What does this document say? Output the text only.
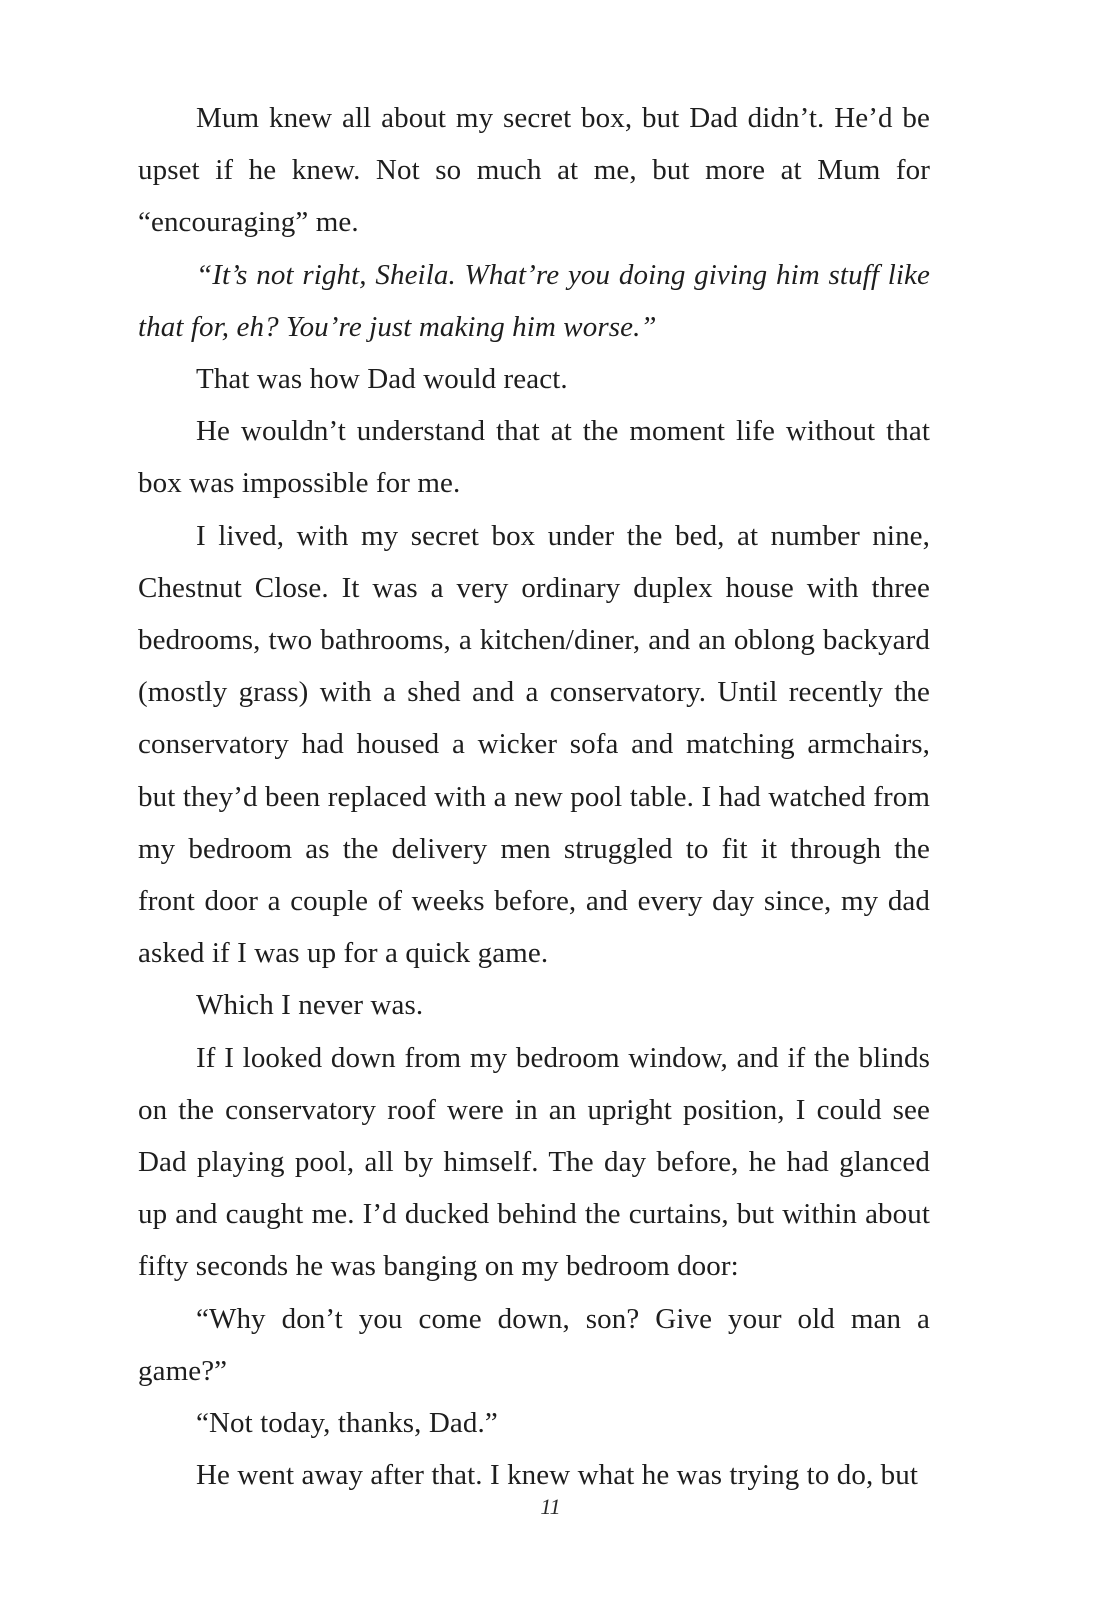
Mum knew all about my secret box, but Dad didn’t. He’d be upset if he knew. Not so much at me, but more at Mum for “encouraging” me.

“It’s not right, Sheila. What’re you doing giving him stuff like that for, eh? You’re just making him worse.”

That was how Dad would react.

He wouldn’t understand that at the moment life without that box was impossible for me.

I lived, with my secret box under the bed, at number nine, Chestnut Close. It was a very ordinary duplex house with three bedrooms, two bathrooms, a kitchen/diner, and an oblong backyard (mostly grass) with a shed and a conservatory. Until recently the conservatory had housed a wicker sofa and matching armchairs, but they’d been replaced with a new pool table. I had watched from my bedroom as the delivery men struggled to fit it through the front door a couple of weeks before, and every day since, my dad asked if I was up for a quick game.

Which I never was.

If I looked down from my bedroom window, and if the blinds on the conservatory roof were in an upright position, I could see Dad playing pool, all by himself. The day before, he had glanced up and caught me. I’d ducked behind the curtains, but within about fifty seconds he was banging on my bedroom door:

“Why don’t you come down, son? Give your old man a game?”

“Not today, thanks, Dad.”

He went away after that. I knew what he was trying to do, but

11
